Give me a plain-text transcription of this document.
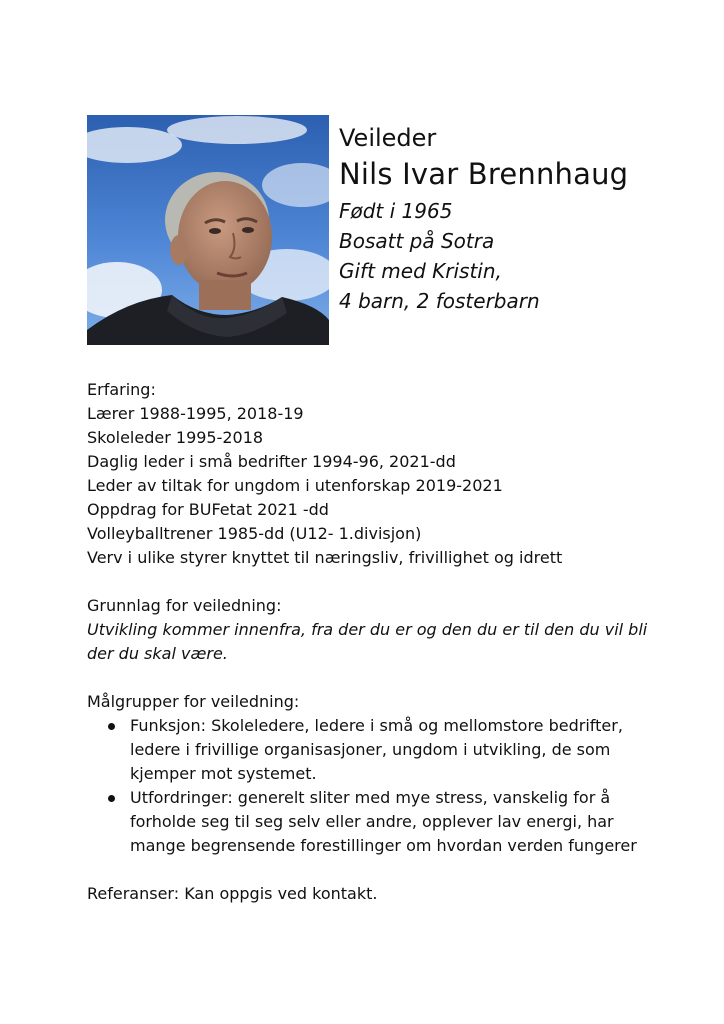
Veileder
Nils Ivar Brennhaug
Født i 1965
Bosatt på Sotra
Gift med Kristin,
4 barn, 2 fosterbarn
Erfaring:
Lærer 1988-1995, 2018-19
Skoleleder 1995-2018
Daglig leder i små bedrifter 1994-96, 2021-dd
Leder av tiltak for ungdom i utenforskap 2019-2021
Oppdrag for BUFetat 2021 -dd
Volleyballtrener 1985-dd (U12- 1.divisjon)
Verv i ulike styrer knyttet til næringsliv, frivillighet og idrett
Grunnlag for veiledning:

Utvikling kommer innenfra, fra der du er og den du er til den du vil bli der du skal være.

Målgrupper for veiledning:
Funksjon: Skoleledere, ledere i små og mellomstore bedrifter, ledere i frivillige organisasjoner, ungdom i utvikling, de som kjemper mot systemet.
Utfordringer: generelt sliter med mye stress, vanskelig for å forholde seg til seg selv eller andre, opplever lav energi, har mange begrensende forestillinger om hvordan verden fungerer

Referanser: Kan oppgis ved kontakt.
